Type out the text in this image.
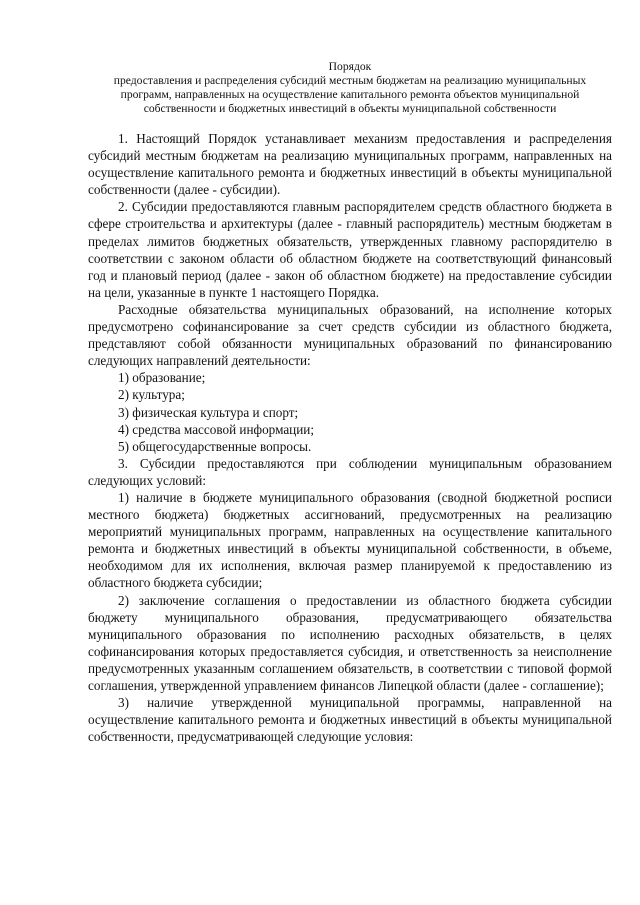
Порядок
предоставления и распределения субсидий местным бюджетам на реализацию муниципальных программ, направленных на осуществление капитального ремонта объектов муниципальной собственности и бюджетных инвестиций в объекты муниципальной собственности

1. Настоящий Порядок устанавливает механизм предоставления и распределения субсидий местным бюджетам на реализацию муниципальных программ, направленных на осуществление капитального ремонта и бюджетных инвестиций в объекты муниципальной собственности (далее - субсидии).

2. Субсидии предоставляются главным распорядителем средств областного бюджета в сфере строительства и архитектуры (далее - главный распорядитель) местным бюджетам в пределах лимитов бюджетных обязательств, утвержденных главному распорядителю в соответствии с законом области об областном бюджете на соответствующий финансовый год и плановый период (далее - закон об областном бюджете) на предоставление субсидии на цели, указанные в пункте 1 настоящего Порядка.

Расходные обязательства муниципальных образований, на исполнение которых предусмотрено софинансирование за счет средств субсидии из областного бюджета, представляют собой обязанности муниципальных образований по финансированию следующих направлений деятельности:

1) образование;

2) культура;

3) физическая культура и спорт;

4) средства массовой информации;

5) общегосударственные вопросы.

3. Субсидии предоставляются при соблюдении муниципальным образованием следующих условий:

1) наличие в бюджете муниципального образования (сводной бюджетной росписи местного бюджета) бюджетных ассигнований, предусмотренных на реализацию мероприятий муниципальных программ, направленных на осуществление капитального ремонта и бюджетных инвестиций в объекты муниципальной собственности, в объеме, необходимом для их исполнения, включая размер планируемой к предоставлению из областного бюджета субсидии;

2) заключение соглашения о предоставлении из областного бюджета субсидии бюджету муниципального образования, предусматривающего обязательства муниципального образования по исполнению расходных обязательств, в целях софинансирования которых предоставляется субсидия, и ответственность за неисполнение предусмотренных указанным соглашением обязательств, в соответствии с типовой формой соглашения, утвержденной управлением финансов Липецкой области (далее - соглашение);

3) наличие утвержденной муниципальной программы, направленной на осуществление капитального ремонта и бюджетных инвестиций в объекты муниципальной собственности, предусматривающей следующие условия:
